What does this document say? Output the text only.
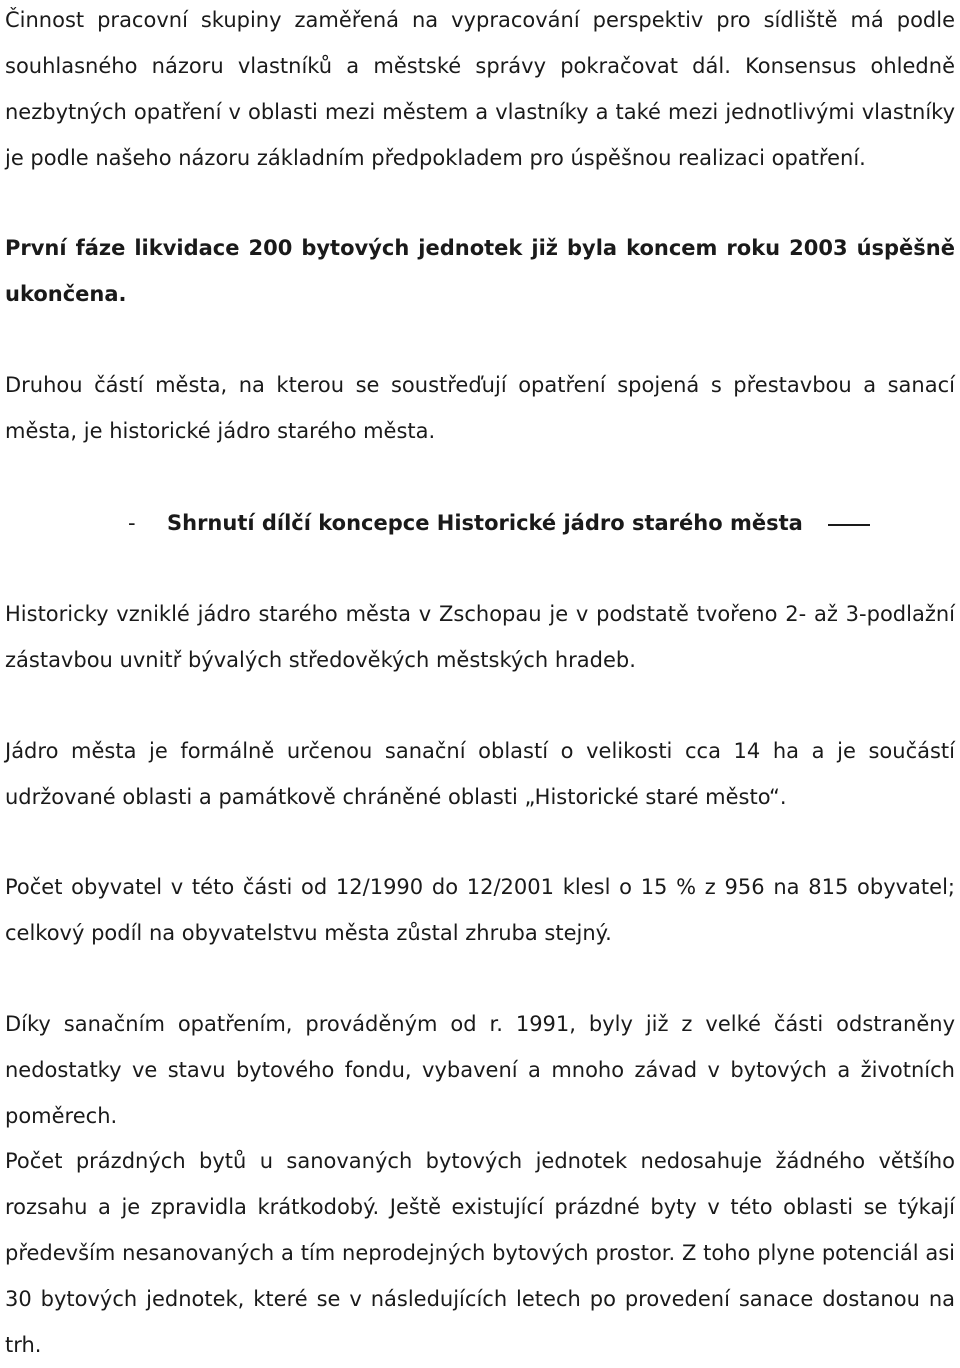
Činnost pracovní skupiny zaměřená na vypracování perspektiv pro sídliště má podle souhlasného názoru vlastníků a městské správy pokračovat dál. Konsensus ohledně nezbytných opatření v oblasti mezi městem a vlastníky a také mezi jednotlivými vlastníky je podle našeho názoru základním předpokladem pro úspěšnou realizaci opatření.

První fáze likvidace 200 bytových jednotek již byla koncem roku 2003 úspěšně ukončena.

Druhou částí města, na kterou se soustřeďují opatření spojená s přestavbou a sanací města, je historické jádro starého města.

- Shrnutí dílčí koncepce Historické jádro starého města

Historicky vzniklé jádro starého města v Zschopau je v podstatě tvořeno 2- až 3-podlažní zástavbou uvnitř bývalých středověkých městských hradeb.

Jádro města je formálně určenou sanační oblastí o velikosti cca 14 ha a je součástí udržované oblasti a památkově chráněné oblasti „Historické staré město“.

Počet obyvatel v této části od 12/1990 do 12/2001 klesl o 15 % z 956 na 815 obyvatel; celkový podíl na obyvatelstvu města zůstal zhruba stejný.

Díky sanačním opatřením, prováděným od r. 1991, byly již z velké části odstraněny nedostatky ve stavu bytového fondu, vybavení a mnoho závad v bytových a životních poměrech.

Počet prázdných bytů u sanovaných bytových jednotek nedosahuje žádného většího rozsahu a je zpravidla krátkodobý. Ještě existující prázdné byty v této oblasti se týkají především nesanovaných a tím neprodejných bytových prostor. Z toho plyne potenciál asi 30 bytových jednotek, které se v následujících letech po provedení sanace dostanou na trh.
